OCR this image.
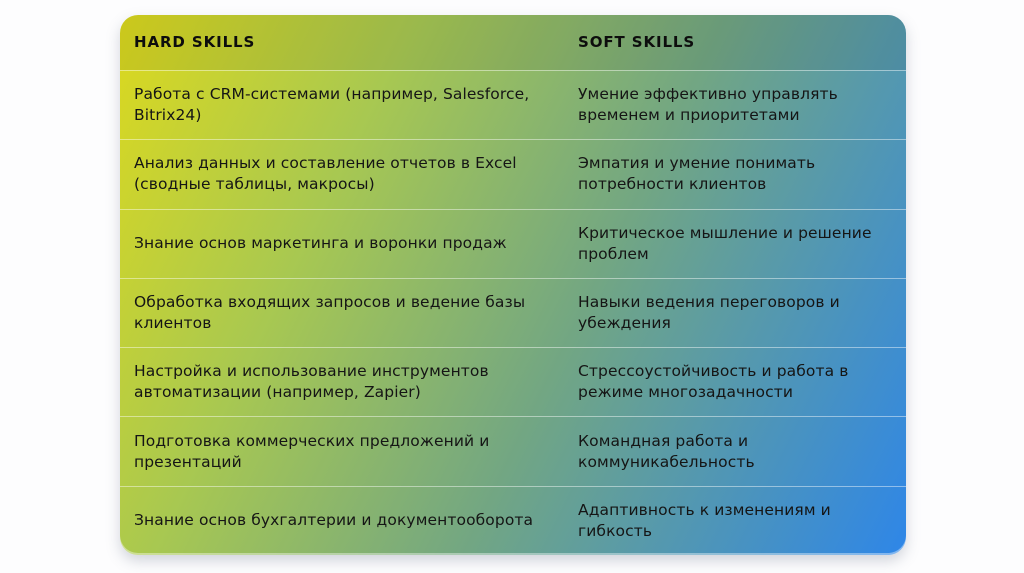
HARD SKILLS	SOFT SKILLS
Работа с CRM-системами (например, Salesforce, Bitrix24)
Умение эффективно управлять временем и приоритетами
Анализ данных и составление отчетов в Excel (сводные таблицы, макросы)
Эмпатия и умение понимать потребности клиентов
Знание основ маркетинга и воронки продаж
Критическое мышление и решение проблем
Обработка входящих запросов и ведение базы клиентов
Навыки ведения переговоров и убеждения
Настройка и использование инструментов автоматизации (например, Zapier)
Стрессоустойчивость и работа в режиме многозадачности
Подготовка коммерческих предложений и презентаций
Командная работа и коммуникабельность
Знание основ бухгалтерии и документооборота
Адаптивность к изменениям и гибкость
